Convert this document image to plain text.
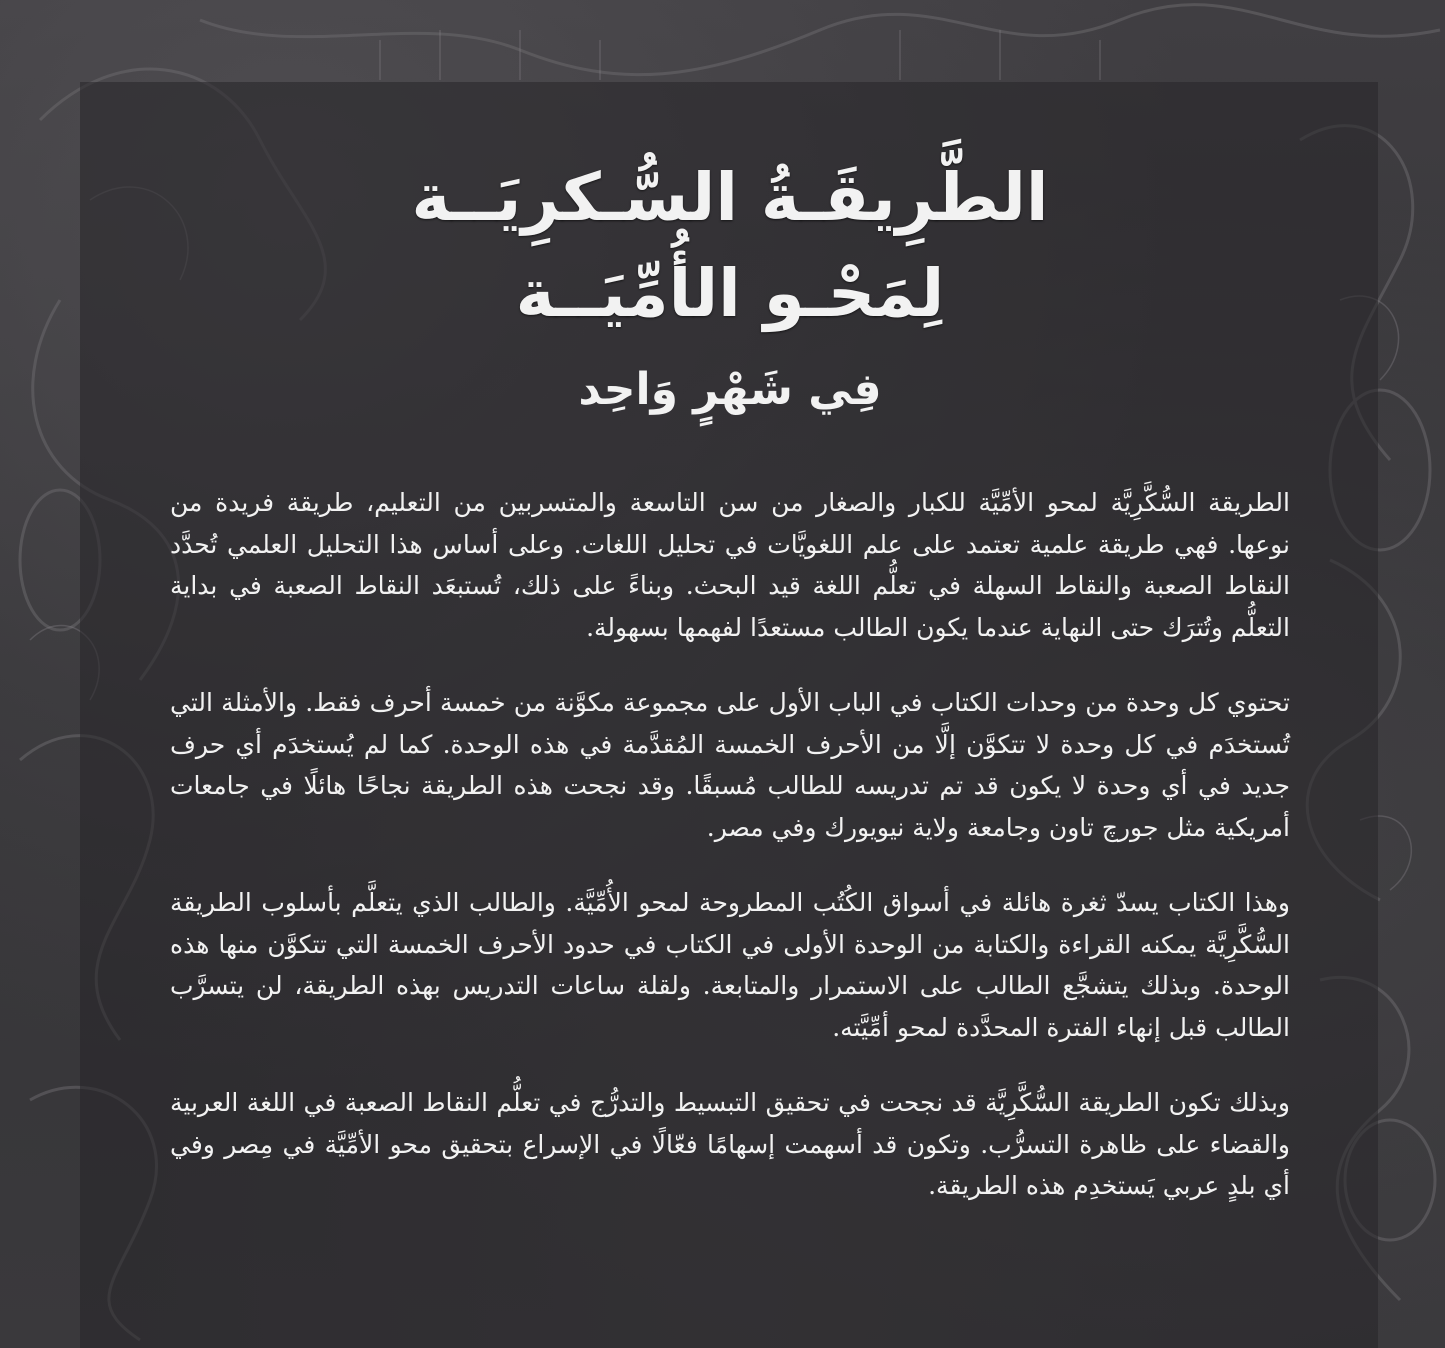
الطَّرِيقَـةُ السُّـكرِيَــة
لِمَحْـو الأُمِّيَــة
فِي شَهْرٍ وَاحِد

الطريقة السُّكَّرِيَّة لمحو الأمِّيَّة للكبار والصغار من سن التاسعة والمتسربين من التعليم، طريقة فريدة من نوعها. فهي طريقة علمية تعتمد على علم اللغويَّات في تحليل اللغات. وعلى أساس هذا التحليل العلمي تُحدَّد النقاط الصعبة والنقاط السهلة في تعلُّم اللغة قيد البحث. وبناءً على ذلك، تُستبعَد النقاط الصعبة في بداية التعلُّم وتُترَك حتى النهاية عندما يكون الطالب مستعدًا لفهمها بسهولة.

تحتوي كل وحدة من وحدات الكتاب في الباب الأول على مجموعة مكوَّنة من خمسة أحرف فقط. والأمثلة التي تُستخدَم في كل وحدة لا تتكوَّن إلَّا من الأحرف الخمسة المُقدَّمة في هذه الوحدة. كما لم يُستخدَم أي حرف جديد في أي وحدة لا يكون قد تم تدريسه للطالب مُسبقًا. وقد نجحت هذه الطريقة نجاحًا هائلًا في جامعات أمريكية مثل جورچ تاون وجامعة ولاية نيويورك وفي مصر.

وهذا الكتاب يسدّ ثغرة هائلة في أسواق الكُتُب المطروحة لمحو الأُمِّيَّة. والطالب الذي يتعلَّم بأسلوب الطريقة السُّكَّرِيَّة يمكنه القراءة والكتابة من الوحدة الأولى في الكتاب في حدود الأحرف الخمسة التي تتكوَّن منها هذه الوحدة. وبذلك يتشجَّع الطالب على الاستمرار والمتابعة. ولقلة ساعات التدريس بهذه الطريقة، لن يتسرَّب الطالب قبل إنهاء الفترة المحدَّدة لمحو أمِّيَّته.

وبذلك تكون الطريقة السُّكَّرِيَّة قد نجحت في تحقيق التبسيط والتدرُّج في تعلُّم النقاط الصعبة في اللغة العربية والقضاء على ظاهرة التسرُّب. وتكون قد أسهمت إسهامًا فعّالًا في الإسراع بتحقيق محو الأمِّيَّة في مِصر وفي أي بلدٍ عربي يَستخدِم هذه الطريقة.
